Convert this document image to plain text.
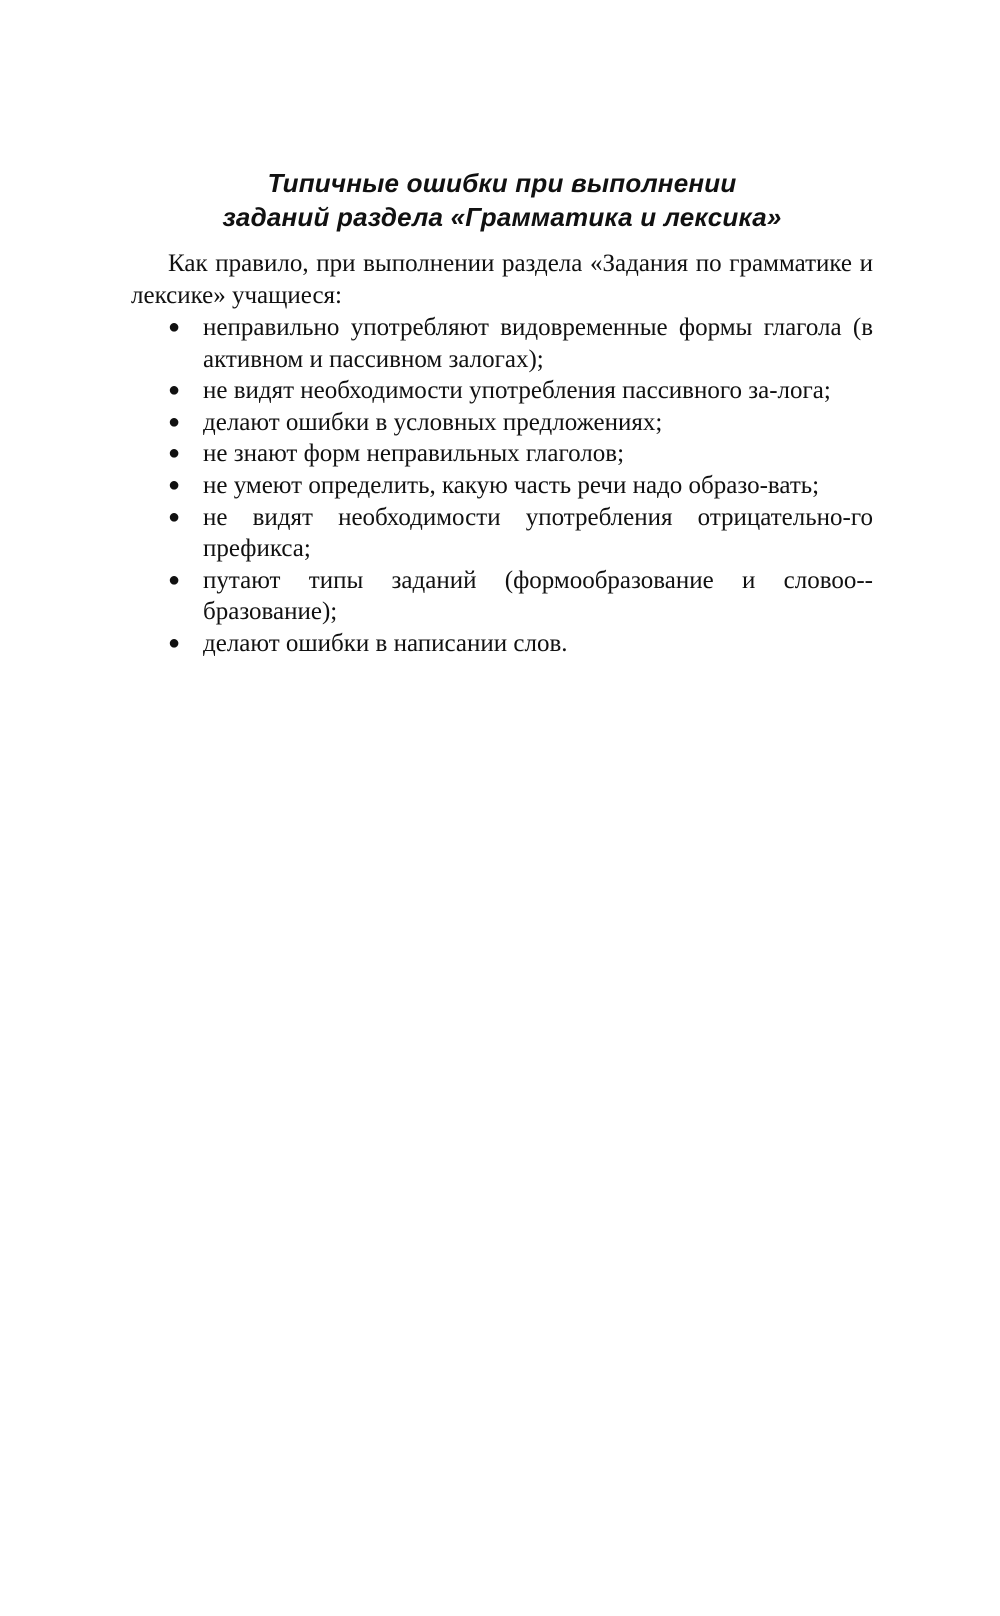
Типичные ошибки при выполнении
заданий раздела «Грамматика и лексика»

Как правило, при выполнении раздела «Задания по грамматике и лексике» учащиеся:

● неправильно употребляют видовременные формы глагола (в активном и пассивном залогах);
● не видят необходимости употребления пассивного за-лога;
● делают ошибки в условных предложениях;
● не знают форм неправильных глаголов;
● не умеют определить, какую часть речи надо образо-вать;
● не видят необходимости употребления отрицательно-го префикса;
● путают типы заданий (формообразование и словоо-бразование);
● делают ошибки в написании слов.
